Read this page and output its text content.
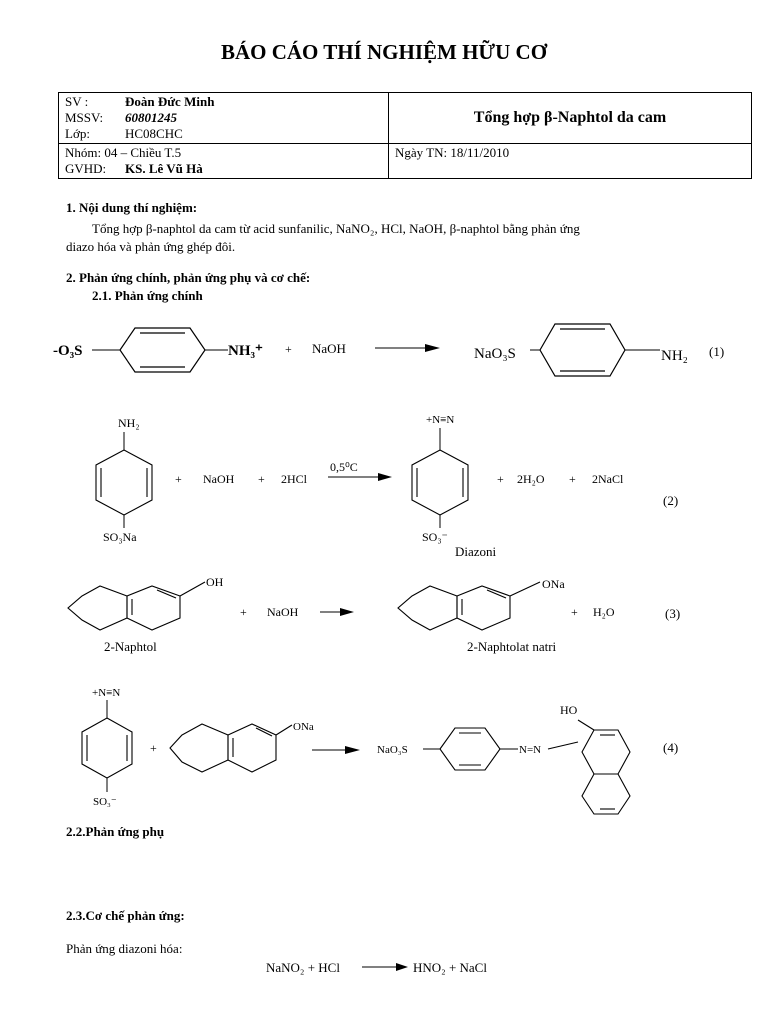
BÁO CÁO THÍ NGHIỆM HỮU CƠ
SV : Đoàn Đức Minh
MSSV: 60801245
Lớp: HC08CHC	Tổng hợp β-Naphtol da cam

Nhóm: 04 – Chiều T.5
GVHD: KS. Lê Vũ Hà	Ngày TN: 18/11/2010
1. Nội dung thí nghiệm:
Tổng hợp β-naphtol da cam từ acid sunfanilic, NaNO₂, HCl, NaOH, β-naphtol bằng phản ứng
diazo hóa và phản ứng ghép đôi.
2. Phản ứng chính, phản ứng phụ và cơ chế:
2.1. Phản ứng chính
-O₃S	NH₃⁺ + NaOH	NaO₃S	NH₂ (1)
NH₂
SO₃Na
+ NaOH + 2HCl
0,5⁰C
+N≡N
SO₃⁻
+ 2H₂O + 2NaCl
(2)
Diazoni
OH
+ NaOH
ONa
+ H₂O	(3)
2-Naphtol	2-Naphtolat natri
+N≡N
SO₃⁻
+
ONa
NaO₃S	N=N
HO
(4)
2.2.Phản ứng phụ
2.3.Cơ chế phản ứng:
Phản ứng diazoni hóa:
NaNO₂ + HCl	HNO₂ + NaCl
